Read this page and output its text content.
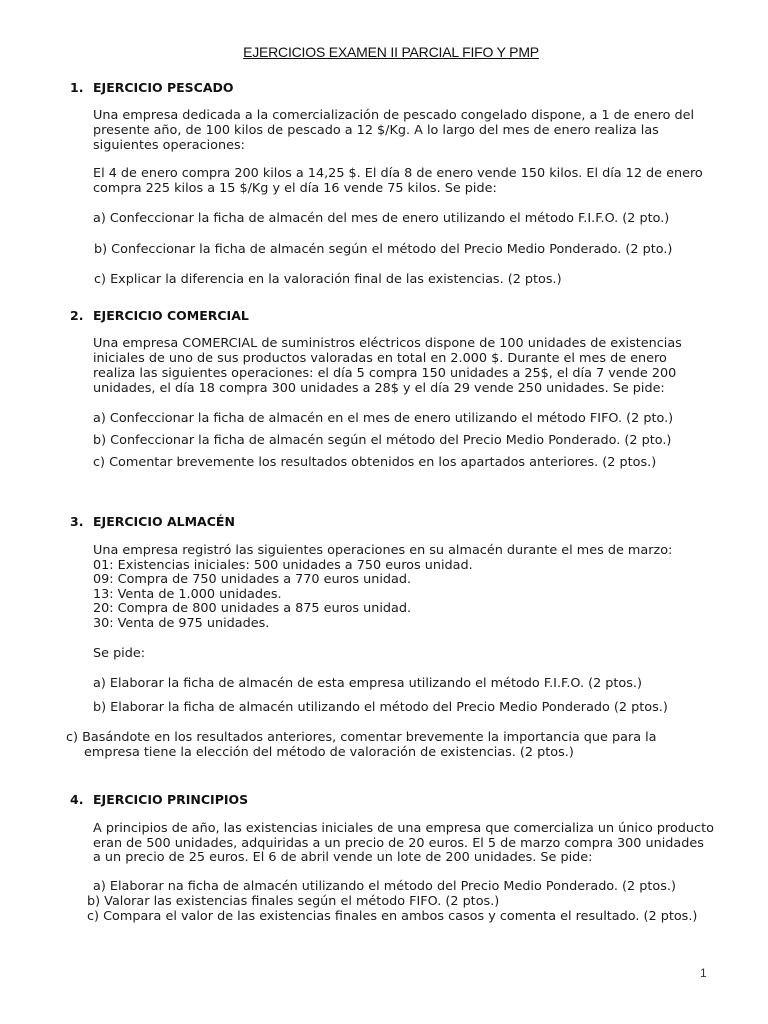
EJERCICIOS EXAMEN II PARCIAL FIFO Y PMP
1. EJERCICIO PESCADO
Una empresa dedicada a la comercialización de pescado congelado dispone, a 1 de enero del
presente año, de 100 kilos de pescado a 12 $/Kg. A lo largo del mes de enero realiza las
siguientes operaciones:
El 4 de enero compra 200 kilos a 14,25 $. El día 8 de enero vende 150 kilos. El día 12 de enero
compra 225 kilos a 15 $/Kg y el día 16 vende 75 kilos. Se pide:
a) Confeccionar la ficha de almacén del mes de enero utilizando el método F.I.F.O. (2 pto.)
b) Confeccionar la ficha de almacén según el método del Precio Medio Ponderado. (2 pto.)
c) Explicar la diferencia en la valoración final de las existencias. (2 ptos.)
2. EJERCICIO COMERCIAL
Una empresa COMERCIAL de suministros eléctricos dispone de 100 unidades de existencias
iniciales de uno de sus productos valoradas en total en 2.000 $. Durante el mes de enero
realiza las siguientes operaciones: el día 5 compra 150 unidades a 25$, el día 7 vende 200
unidades, el día 18 compra 300 unidades a 28$ y el día 29 vende 250 unidades. Se pide:
a) Confeccionar la ficha de almacén en el mes de enero utilizando el método FIFO. (2 pto.)
b) Confeccionar la ficha de almacén según el método del Precio Medio Ponderado. (2 pto.)
c) Comentar brevemente los resultados obtenidos en los apartados anteriores. (2 ptos.)
3. EJERCICIO ALMACÉN
Una empresa registró las siguientes operaciones en su almacén durante el mes de marzo:
01: Existencias iniciales: 500 unidades a 750 euros unidad.
09: Compra de 750 unidades a 770 euros unidad.
13: Venta de 1.000 unidades.
20: Compra de 800 unidades a 875 euros unidad.
30: Venta de 975 unidades.
Se pide:
a) Elaborar la ficha de almacén de esta empresa utilizando el método F.I.F.O. (2 ptos.)
b) Elaborar la ficha de almacén utilizando el método del Precio Medio Ponderado (2 ptos.)
c) Basándote en los resultados anteriores, comentar brevemente la importancia que para la
empresa tiene la elección del método de valoración de existencias. (2 ptos.)
4. EJERCICIO PRINCIPIOS
A principios de año, las existencias iniciales de una empresa que comercializa un único producto
eran de 500 unidades, adquiridas a un precio de 20 euros. El 5 de marzo compra 300 unidades
a un precio de 25 euros. El 6 de abril vende un lote de 200 unidades. Se pide:
a) Elaborar na ficha de almacén utilizando el método del Precio Medio Ponderado. (2 ptos.)
b) Valorar las existencias finales según el método FIFO. (2 ptos.)
c) Compara el valor de las existencias finales en ambos casos y comenta el resultado. (2 ptos.)
1
